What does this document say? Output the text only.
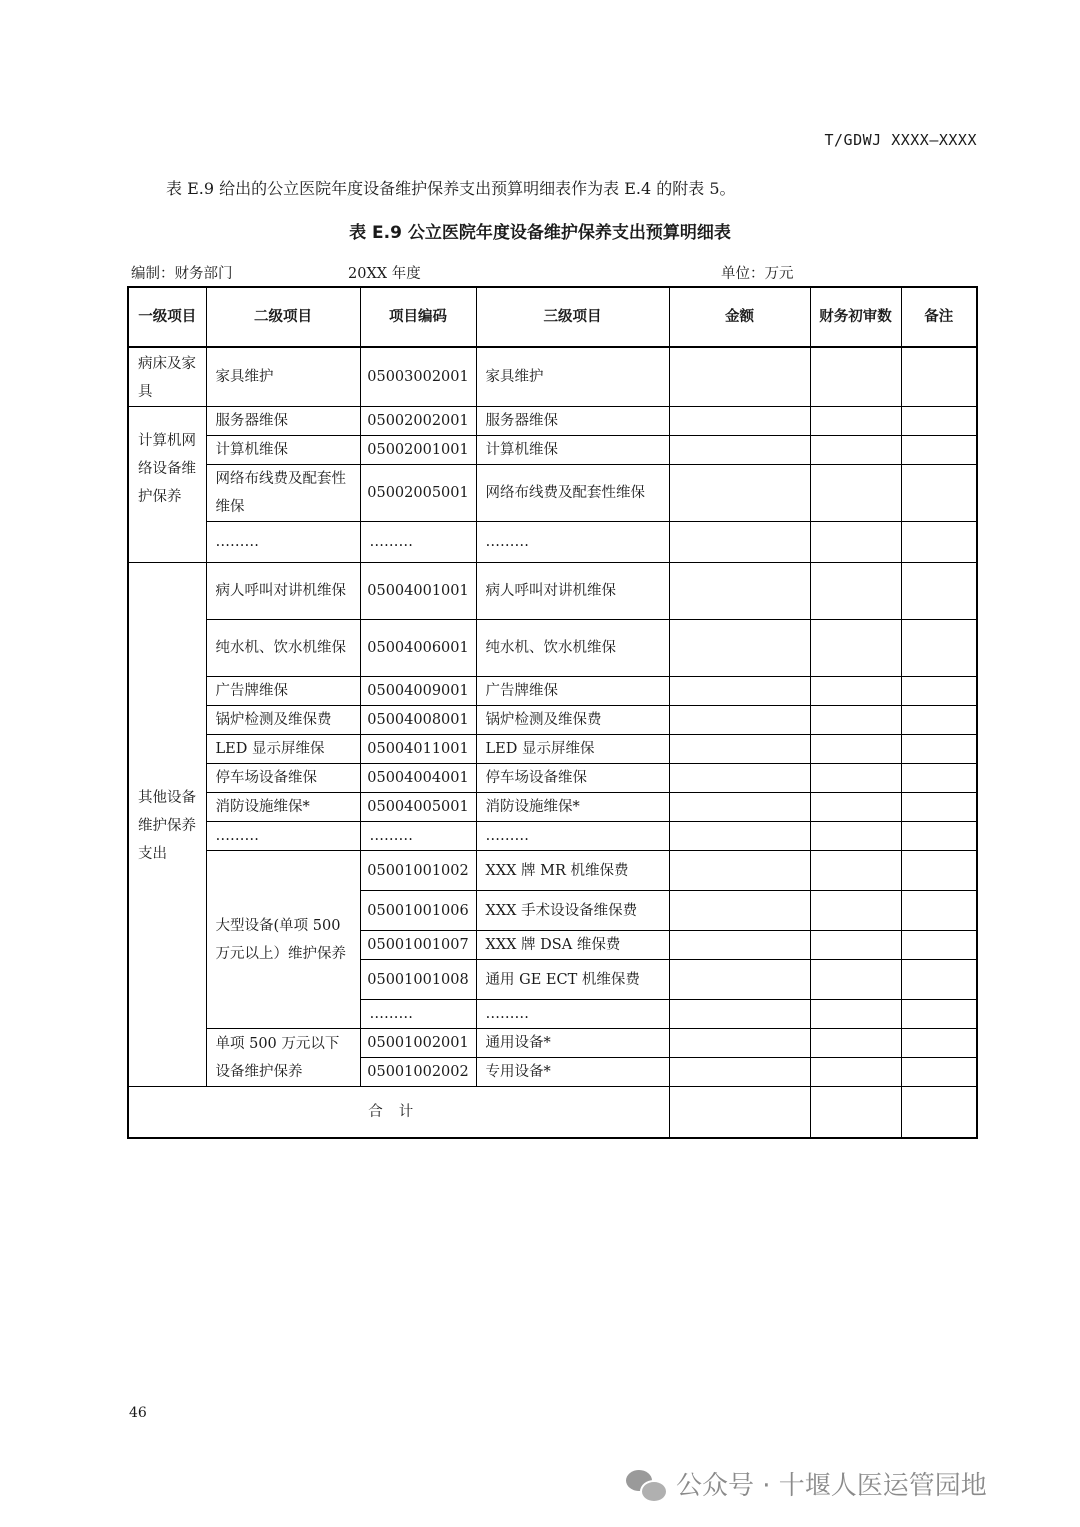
T/GDWJ XXXX—XXXX
表 E.9 给出的公立医院年度设备维护保养支出预算明细表作为表 E.4 的附表 5。
表 E.9 公立医院年度设备维护保养支出预算明细表
编制：财务部门	20XX 年度	单位：万元
一级项目	二级项目	项目编码	三级项目	金额	财务初审数	备注
病床及家具	家具维护	05003002001	家具维护			
计算机网络设备维护保养	服务器维保	05002002001	服务器维保			
	计算机维保	05002001001	计算机维保			
	网络布线费及配套性维保	05002005001	网络布线费及配套性维保			
	………	………	………			
其他设备维护保养支出	病人呼叫对讲机维保	05004001001	病人呼叫对讲机维保			
	纯水机、饮水机维保	05004006001	纯水机、饮水机维保			
	广告牌维保	05004009001	广告牌维保			
	锅炉检测及维保费	05004008001	锅炉检测及维保费			
	LED 显示屏维保	05004011001	LED 显示屏维保			
	停车场设备维保	05004004001	停车场设备维保			
	消防设施维保*	05004005001	消防设施维保*			
	………	………	………			
	大型设备(单项 500 万元以上）维护保养	05001001002	XXX 牌 MR 机维保费			
		05001001006	XXX 手术设设备维保费			
		05001001007	XXX 牌 DSA 维保费			
		05001001008	通用 GE ECT 机维保费			
		………	………			
	单项 500 万元以下设备维护保养	05001002001	通用设备*			
		05001002002	专用设备*			
合计						
46
公众号 · 十堰人医运管园地
